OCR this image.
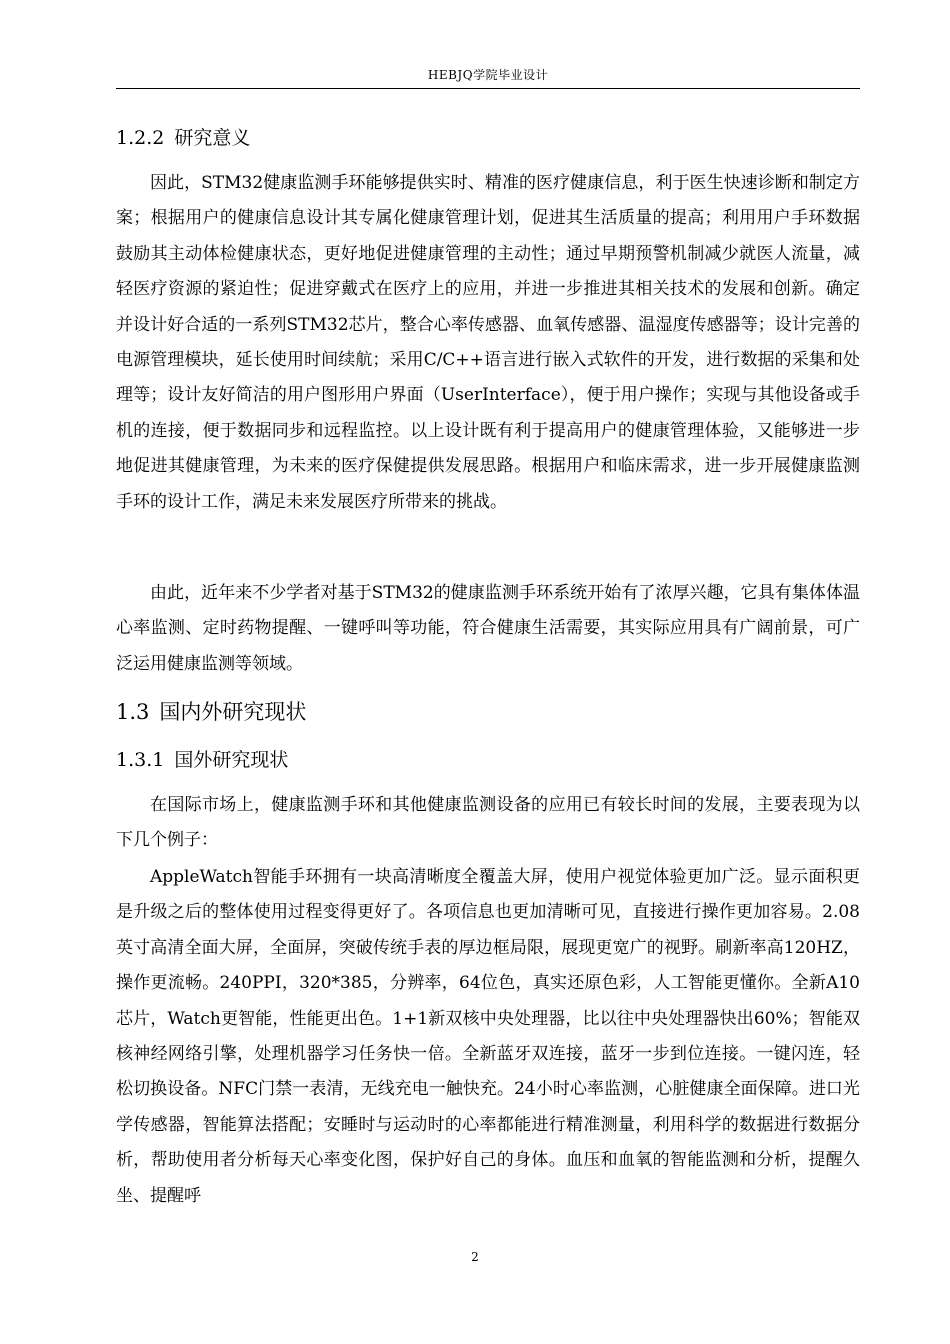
HEBJQ学院毕业设计
1.2.2 研究意义
因此，STM32健康监测手环能够提供实时、精准的医疗健康信息，利于医生快速诊断和制定方案；根据用户的健康信息设计其专属化健康管理计划，促进其生活质量的提高；利用用户手环数据鼓励其主动体检健康状态，更好地促进健康管理的主动性；通过早期预警机制减少就医人流量，减轻医疗资源的紧迫性；促进穿戴式在医疗上的应用，并进一步推进其相关技术的发展和创新。确定并设计好合适的一系列STM32芯片，整合心率传感器、血氧传感器、温湿度传感器等；设计完善的电源管理模块，延长使用时间续航；采用C/C++语言进行嵌入式软件的开发，进行数据的采集和处理等；设计友好简洁的用户图形用户界面（UserInterface），便于用户操作；实现与其他设备或手机的连接，便于数据同步和远程监控。以上设计既有利于提高用户的健康管理体验，又能够进一步地促进其健康管理，为未来的医疗保健提供发展思路。根据用户和临床需求，进一步开展健康监测手环的设计工作，满足未来发展医疗所带来的挑战。
由此，近年来不少学者对基于STM32的健康监测手环系统开始有了浓厚兴趣，它具有集体体温心率监测、定时药物提醒、一键呼叫等功能，符合健康生活需要，其实际应用具有广阔前景，可广泛运用健康监测等领域。
1.3 国内外研究现状
1.3.1 国外研究现状
在国际市场上，健康监测手环和其他健康监测设备的应用已有较长时间的发展，主要表现为以下几个例子：
AppleWatch智能手环拥有一块高清晰度全覆盖大屏，使用户视觉体验更加广泛。显示面积更是升级之后的整体使用过程变得更好了。各项信息也更加清晰可见，直接进行操作更加容易。2.08英寸高清全面大屏，全面屏，突破传统手表的厚边框局限，展现更宽广的视野。刷新率高120HZ，操作更流畅。240PPI，320*385，分辨率，64位色，真实还原色彩，人工智能更懂你。全新A10芯片，Watch更智能，性能更出色。1+1新双核中央处理器，比以往中央处理器快出60%；智能双核神经网络引擎，处理机器学习任务快一倍。全新蓝牙双连接，蓝牙一步到位连接。一键闪连，轻松切换设备。NFC门禁一表清，无线充电一触快充。24小时心率监测，心脏健康全面保障。进口光学传感器，智能算法搭配；安睡时与运动时的心率都能进行精准测量，利用科学的数据进行数据分析，帮助使用者分析每天心率变化图，保护好自己的身体。血压和血氧的智能监测和分析，提醒久坐、提醒呼
2
